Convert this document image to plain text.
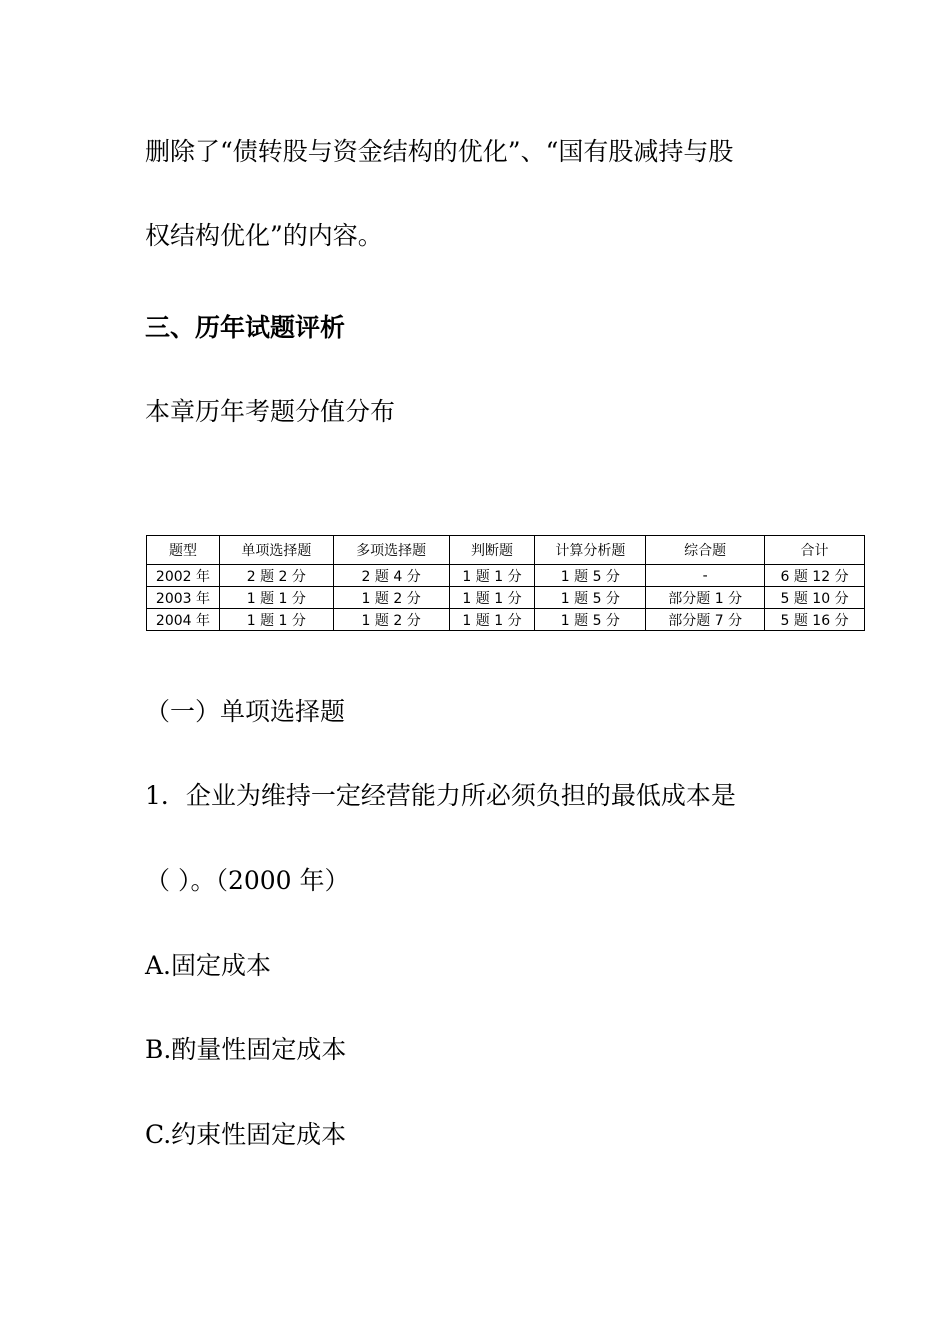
删除了“债转股与资金结构的优化”、“国有股减持与股
权结构优化”的内容。
三、历年试题评析
本章历年考题分值分布
题型	单项选择题	多项选择题	判断题	计算分析题	综合题	合计
2002 年	2 题 2 分	2 题 4 分	1 题 1 分	1 题 5 分	-	6 题 12 分
2003 年	1 题 1 分	1 题 2 分	1 题 1 分	1 题 5 分	部分题 1 分	5 题 10 分
2004 年	1 题 1 分	1 题 2 分	1 题 1 分	1 题 5 分	部分题 7 分	5 题 16 分
（一）单项选择题
1．企业为维持一定经营能力所必须负担的最低成本是
（ ）。（2000 年）
A.固定成本
B.酌量性固定成本
C.约束性固定成本
